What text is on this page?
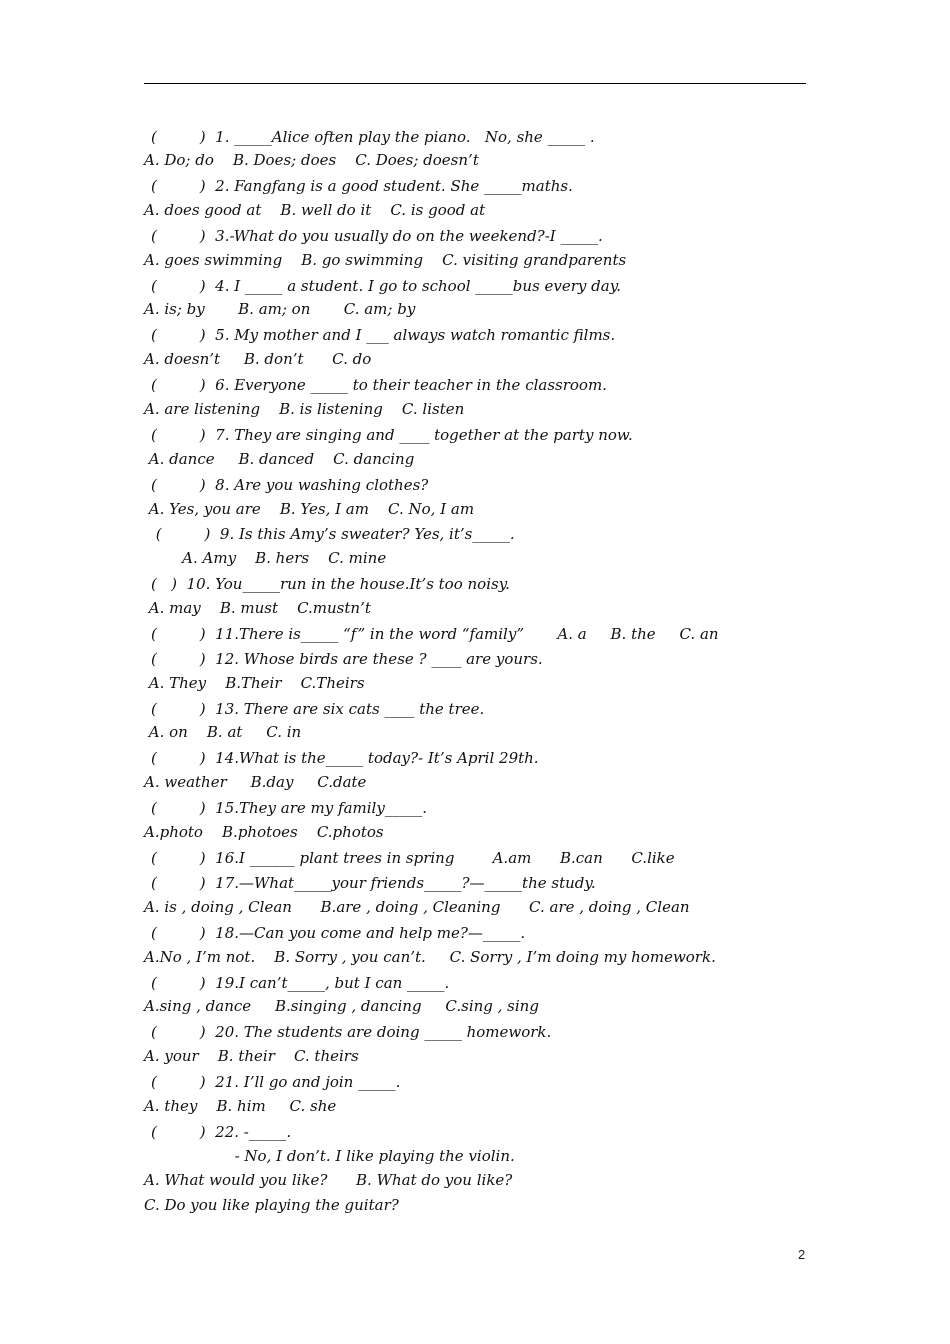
(         )  1. _____Alice often play the piano.   No, she _____ .
A. Do; do    B. Does; does    C. Does; doesn’t
(         )  2. Fangfang is a good student. She _____maths.
A. does good at    B. well do it    C. is good at
(         )  3.-What do you usually do on the weekend?-I _____.
A. goes swimming    B. go swimming    C. visiting grandparents
(         )  4. I _____ a student. I go to school _____bus every day.
A. is; by       B. am; on       C. am; by
(         )  5. My mother and I ___ always watch romantic films.
A. doesn’t     B. don’t      C. do
(         )  6. Everyone _____ to their teacher in the classroom.
A. are listening    B. is listening    C. listen
(         )  7. They are singing and ____ together at the party now.
A. dance     B. danced    C. dancing
(         )  8. Are you washing clothes?
A. Yes, you are    B. Yes, I am    C. No, I am
(         )  9. Is this Amy’s sweater? Yes, it’s_____.
A. Amy    B. hers    C. mine
(   )  10. You_____run in the house.It’s too noisy.
A. may    B. must    C.mustn’t
(         )  11.There is_____ “f” in the word “family”       A. a     B. the     C. an
(         )  12. Whose birds are these ? ____ are yours.
A. They    B.Their    C.Theirs
(         )  13. There are six cats ____ the tree.
A. on    B. at     C. in
(         )  14.What is the_____ today?- It’s April 29th.
A. weather     B.day     C.date
(         )  15.They are my family_____.
A.photo    B.photoes    C.photos
(         )  16.I ______ plant trees in spring        A.am      B.can      C.like
(         )  17.—What_____your friends_____?—_____the study.
A. is , doing , Clean      B.are , doing , Cleaning      C. are , doing , Clean
(         )  18.—Can you come and help me?—_____.
A.No , I’m not.    B. Sorry , you can’t.     C. Sorry , I’m doing my homework.
(         )  19.I can’t_____, but I can _____.
A.sing , dance     B.singing , dancing     C.sing , sing
(         )  20. The students are doing _____ homework.
A. your    B. their    C. theirs
(         )  21. I’ll go and join _____.
A. they    B. him     C. she
(         )  22. -_____.
- No, I don’t. I like playing the violin.
A. What would you like?      B. What do you like?
C. Do you like playing the guitar?
2
